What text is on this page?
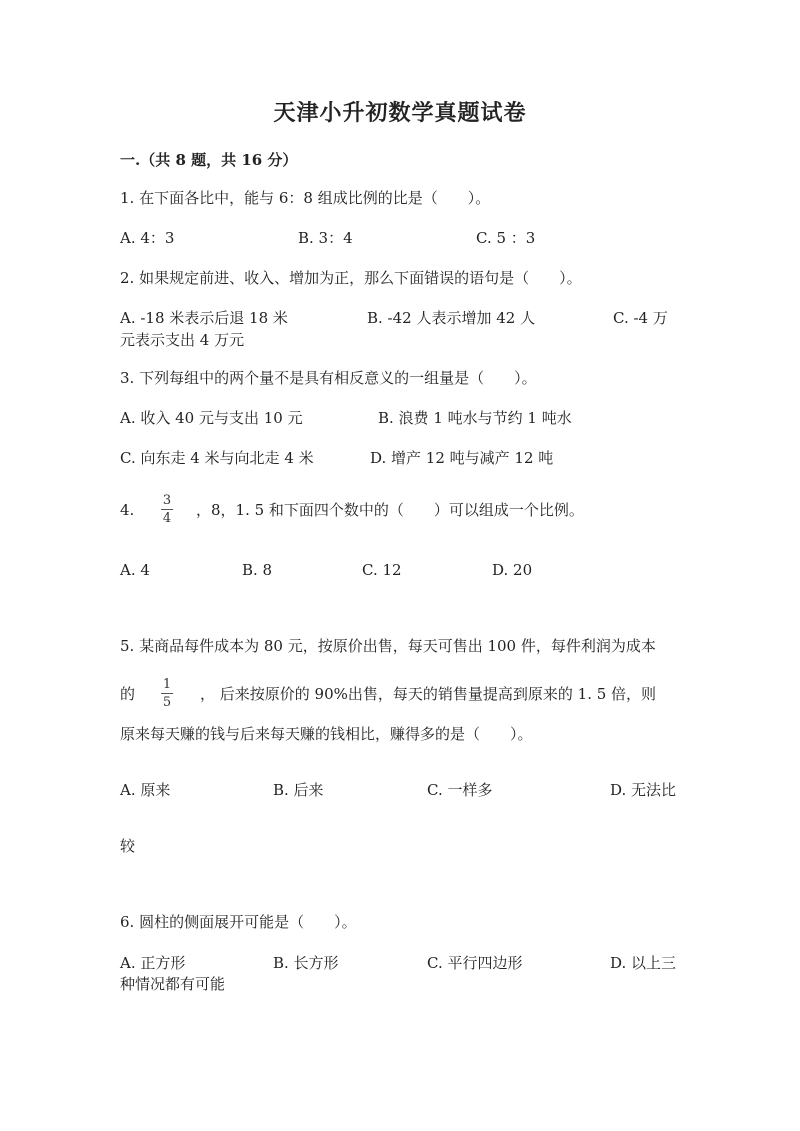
天津小升初数学真题试卷
一.（共 8 题，共 16 分）
1. 在下面各比中，能与 6：8 组成比例的比是（　　）。
A. 4：3	B. 3：4	C. 5 ：3
2. 如果规定前进、收入、增加为正，那么下面错误的语句是（　　）。
A. -18 米表示后退 18 米	B. -42 人表示增加 42 人	C. -4 万
元表示支出 4 万元
3. 下列每组中的两个量不是具有相反意义的一组量是（　　）。
A. 收入 40 元与支出 10 元	B. 浪费 1 吨水与节约 1 吨水
C. 向东走 4 米与向北走 4 米	D. 增产 12 吨与减产 12 吨
4.
3
4 ，8，1. 5 和下面四个数中的（　　）可以组成一个比例。
A. 4	B. 8	C. 12	D. 20
5. 某商品每件成本为 80 元，按原价出售，每天可售出 100 件，每件利润为成本
的
1
5 ， 后来按原价的 90%出售，每天的销售量提高到原来的 1. 5 倍，则
原来每天赚的钱与后来每天赚的钱相比，赚得多的是（　　）。
A. 原来	B. 后来	C. 一样多	D. 无法比
较
6. 圆柱的侧面展开可能是（　　）。
A. 正方形	B. 长方形	C. 平行四边形	D. 以上三
种情况都有可能
